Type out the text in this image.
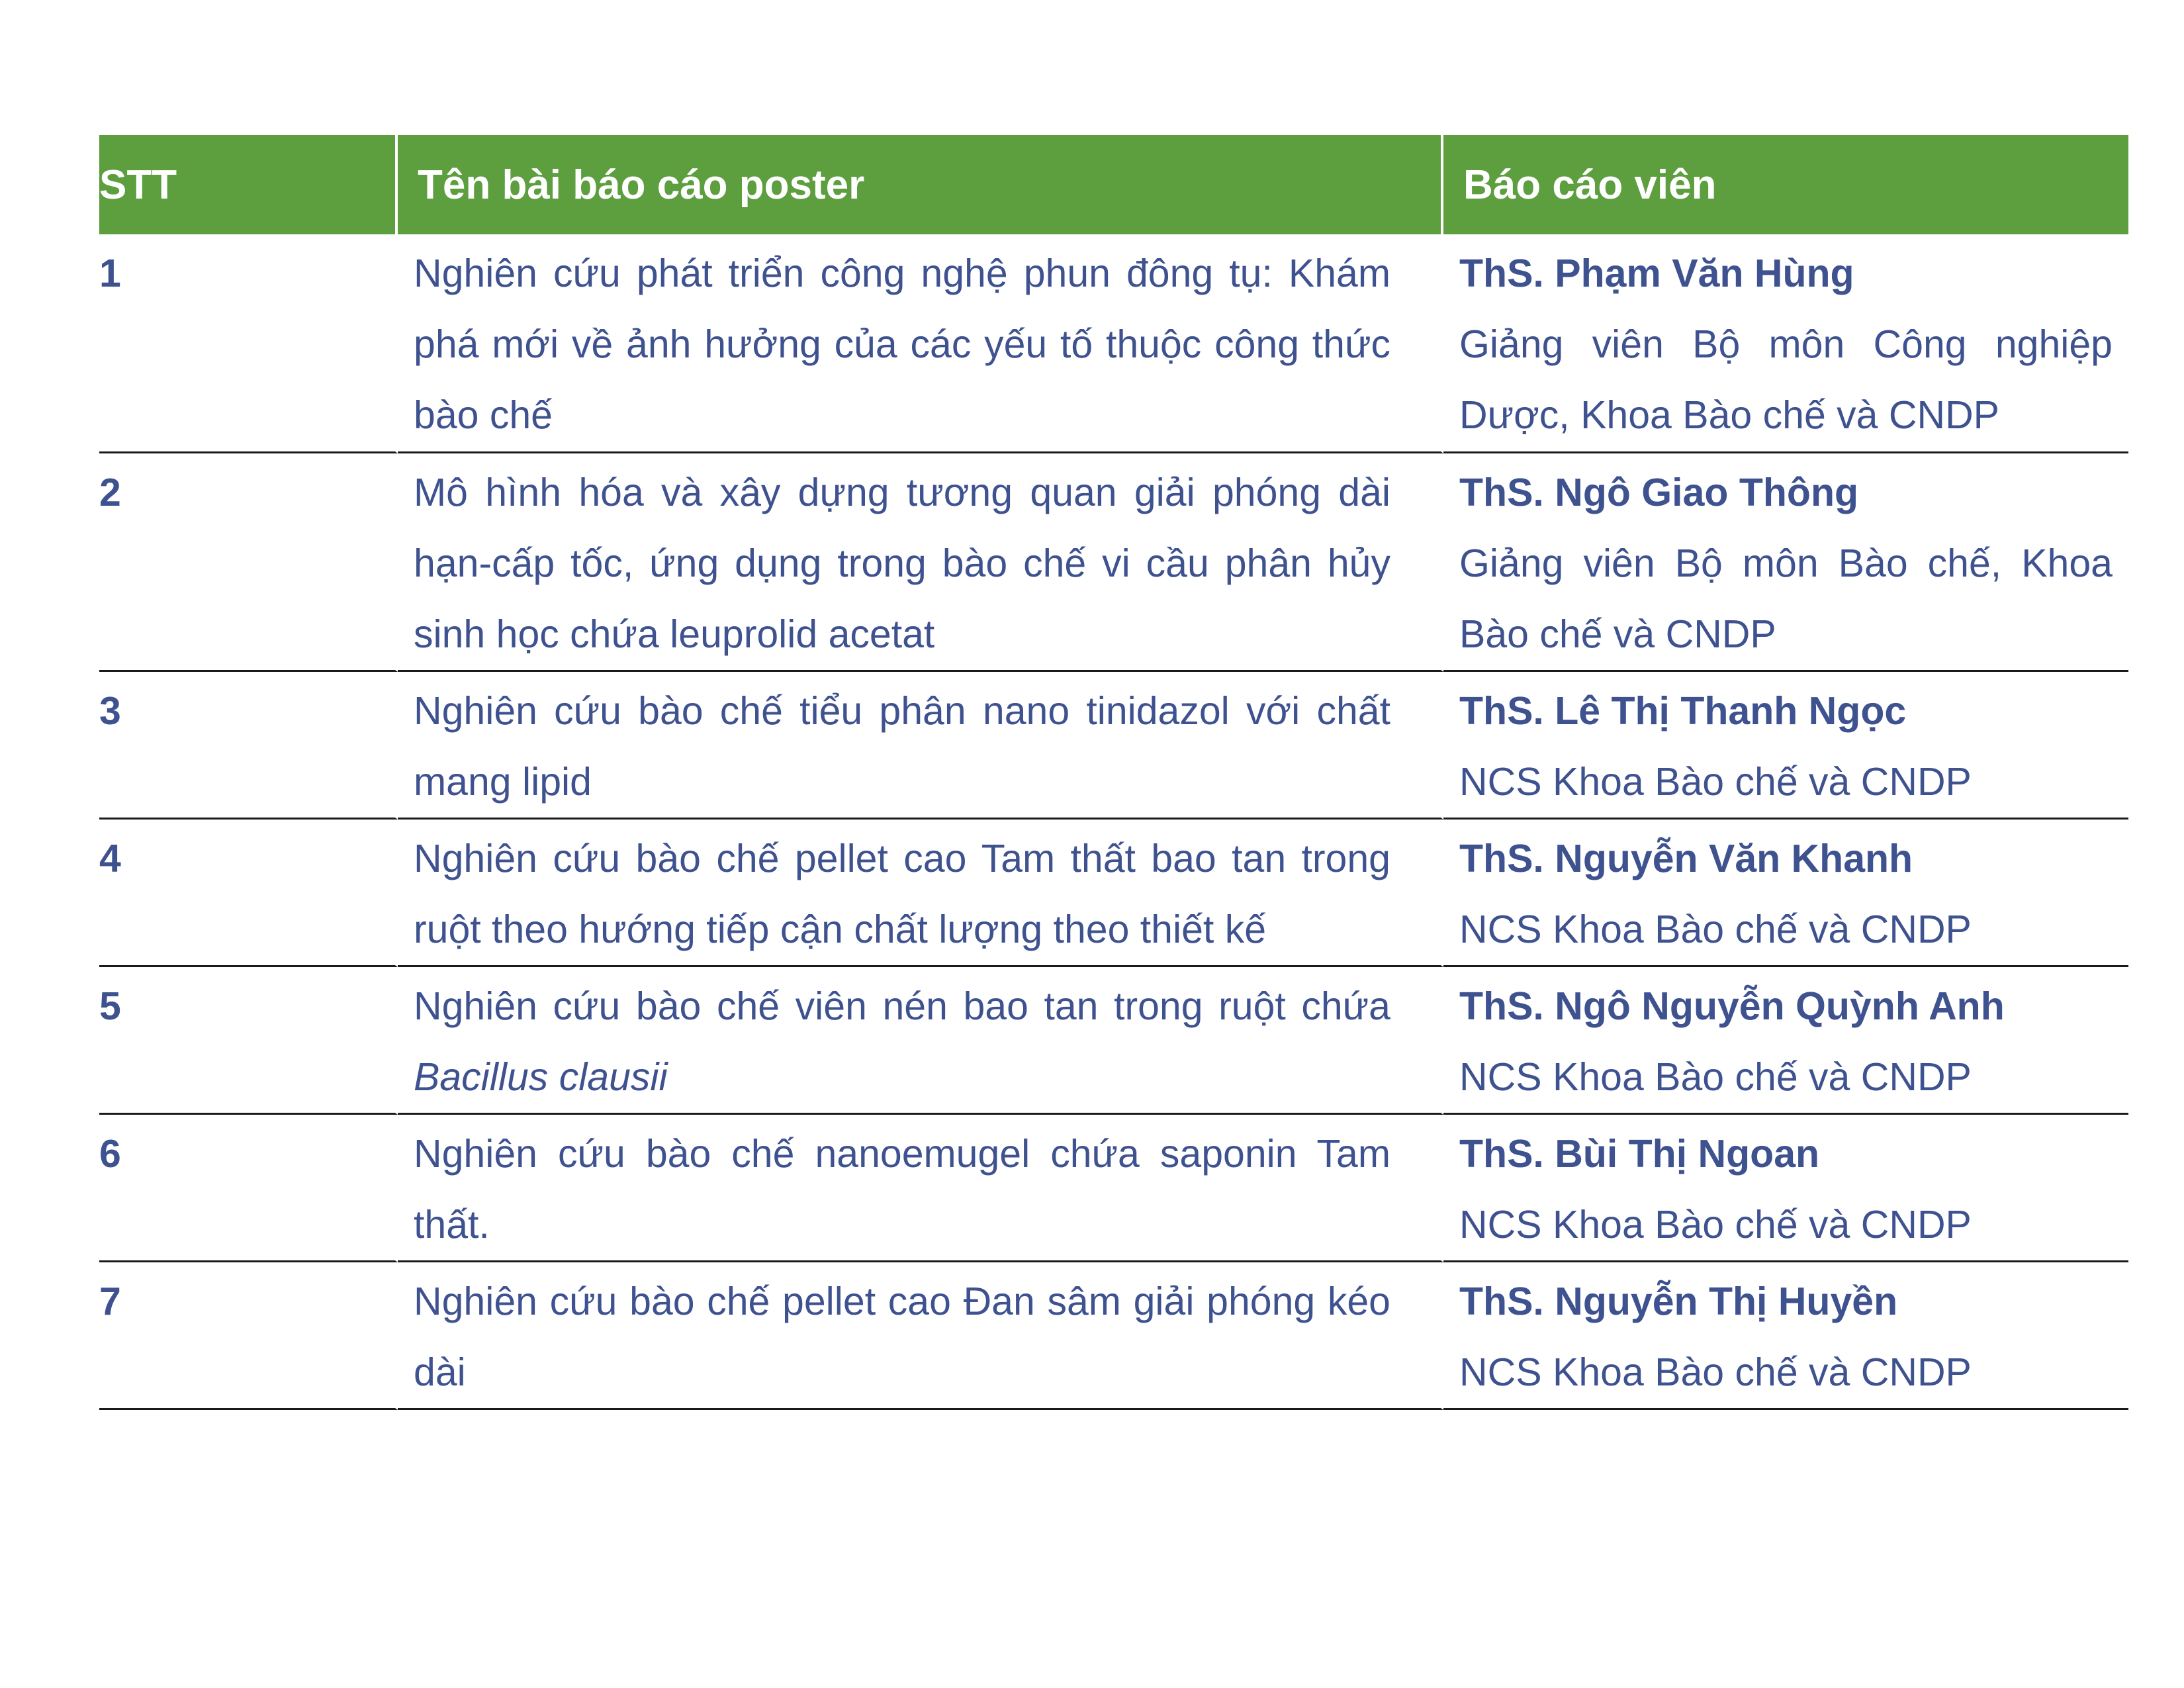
STT	Tên bài báo cáo poster	Báo cáo viên

1	Nghiên cứu phát triển công nghệ phun đông tụ: Khám phá mới về ảnh hưởng của các yếu tố thuộc công thức bào chế	ThS. Phạm Văn Hùng
Giảng viên Bộ môn Công nghiệp Dược, Khoa Bào chế và CNDP

2	Mô hình hóa và xây dựng tương quan giải phóng dài hạn-cấp tốc, ứng dụng trong bào chế vi cầu phân hủy sinh học chứa leuprolid acetat	ThS. Ngô Giao Thông
Giảng viên Bộ môn Bào chế, Khoa Bào chế và CNDP

3	Nghiên cứu bào chế tiểu phân nano tinidazol với chất mang lipid	ThS. Lê Thị Thanh Ngọc
NCS Khoa Bào chế và CNDP

4	Nghiên cứu bào chế pellet cao Tam thất bao tan trong ruột theo hướng tiếp cận chất lượng theo thiết kế	ThS. Nguyễn Văn Khanh
NCS Khoa Bào chế và CNDP

5	Nghiên cứu bào chế viên nén bao tan trong ruột chứa Bacillus clausii	ThS. Ngô Nguyễn Quỳnh Anh
NCS Khoa Bào chế và CNDP

6	Nghiên cứu bào chế nanoemugel chứa saponin Tam thất.	ThS. Bùi Thị Ngoan
NCS Khoa Bào chế và CNDP

7	Nghiên cứu bào chế pellet cao Đan sâm giải phóng kéo dài	ThS. Nguyễn Thị Huyền
NCS Khoa Bào chế và CNDP
